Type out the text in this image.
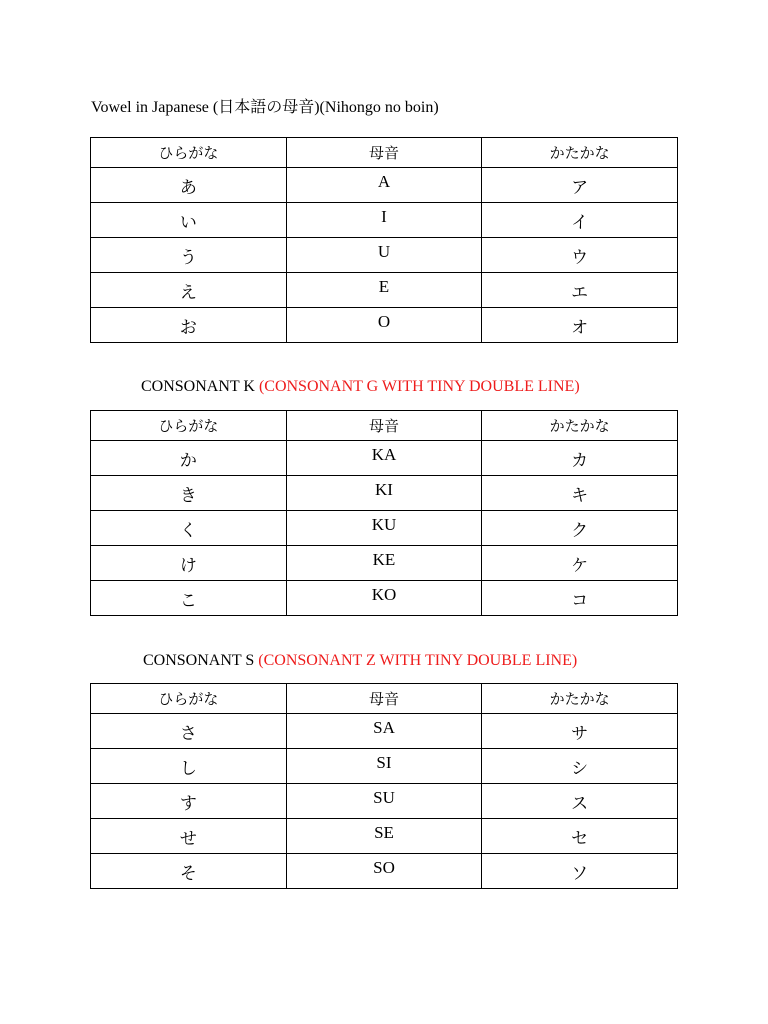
Vowel in Japanese (日本語の母音)(Nihongo no boin)
ひらがな	母音	かたかな
あ	A	ア
い	I	イ
う	U	ウ
え	E	エ
お	O	オ
CONSONANT K (CONSONANT G WITH TINY DOUBLE LINE)
ひらがな	母音	かたかな
か	KA	カ
き	KI	キ
く	KU	ク
け	KE	ケ
こ	KO	コ
CONSONANT S (CONSONANT Z WITH TINY DOUBLE LINE)
ひらがな	母音	かたかな
さ	SA	サ
し	SI	シ
す	SU	ス
せ	SE	セ
そ	SO	ソ
